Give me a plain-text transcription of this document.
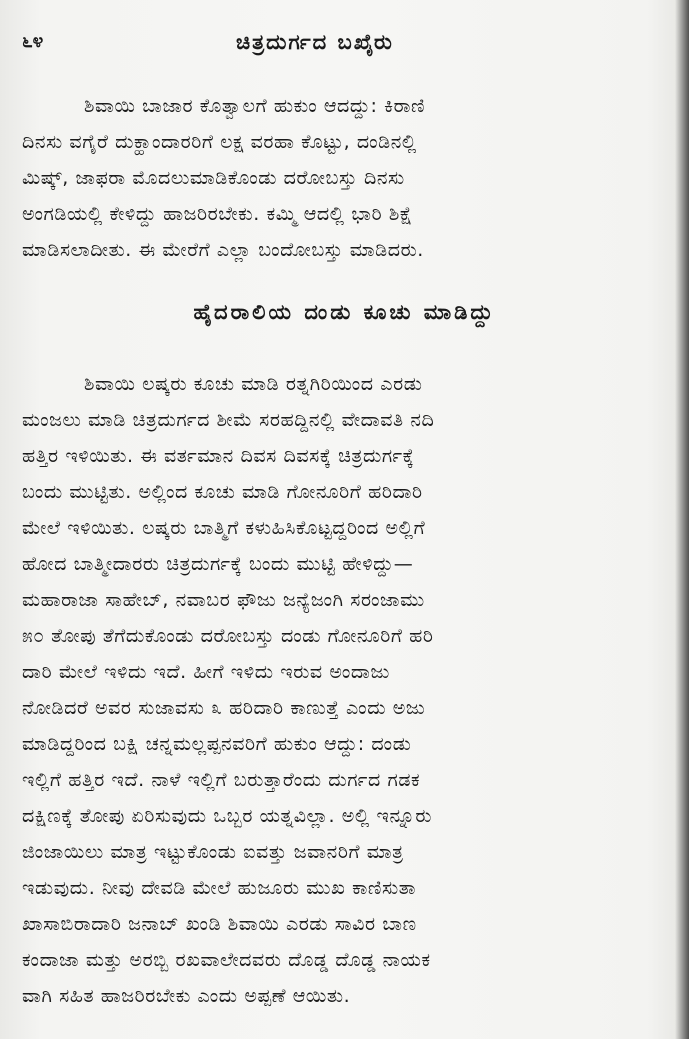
೬೪	ಚಿತ್ರದುರ್ಗದ ಬಖೈರು
ಶಿವಾಯಿ ಬಾಜಾರ ಕೊತ್ವಾಲಗೆ ಹುಕುಂ ಆದದ್ದು: ಕಿರಾಣಿ
ದಿನಸು ವಗೈರೆ ದುಕ್ಹಾಂದಾರರಿಗೆ ಲಕ್ಷ ವರಹಾ ಕೊಟ್ಟು, ದಂಡಿನಲ್ಲಿ
ಮಿಷ್ಕ್, ಜಾಫರಾ ಮೊದಲುಮಾಡಿಕೊಂಡು ದರೋಬಸ್ತು ದಿನಸು
ಅಂಗಡಿಯಲ್ಲಿ ಕೇಳಿದ್ದು ಹಾಜರಿರಬೇಕು. ಕಮ್ಮಿ ಆದಲ್ಲಿ ಭಾರಿ ಶಿಕ್ಷೆ
ಮಾಡಿಸಲಾದೀತು. ಈ ಮೇರೆಗೆ ಎಲ್ಲಾ ಬಂದೋಬಸ್ತು ಮಾಡಿದರು.
ಹೈದರಾಲಿಯ ದಂಡು ಕೂಚು ಮಾಡಿದ್ದು
ಶಿವಾಯಿ ಲಷ್ಕರು ಕೂಚು ಮಾಡಿ ರತ್ನಗಿರಿಯಿಂದ ಎರಡು
ಮಂಜಲು ಮಾಡಿ ಚಿತ್ರದುರ್ಗದ ಶೀಮೆ ಸರಹದ್ದಿನಲ್ಲಿ ವೇದಾವತಿ ನದಿ
ಹತ್ತಿರ ಇಳಿಯಿತು. ಈ ವರ್ತಮಾನ ದಿವಸ ದಿವಸಕ್ಕೆ ಚಿತ್ರದುರ್ಗಕ್ಕೆ
ಬಂದು ಮುಟ್ಟಿತು. ಅಲ್ಲಿಂದ ಕೂಚು ಮಾಡಿ ಗೋನೂರಿಗೆ ಹರಿದಾರಿ
ಮೇಲೆ ಇಳಿಯಿತು. ಲಷ್ಕರು ಬಾತ್ಮಿಗೆ ಕಳುಹಿಸಿಕೊಟ್ಟದ್ದರಿಂದ ಅಲ್ಲಿಗೆ
ಹೋದ ಬಾತ್ಮೀದಾರರು ಚಿತ್ರದುರ್ಗಕ್ಕೆ ಬಂದು ಮುಟ್ಟಿ ಹೇಳಿದ್ದು—
ಮಹಾರಾಜಾ ಸಾಹೇಬ್, ನವಾಬರ ಫೌಜು ಜನ್ಯೆಜಂಗಿ ಸರಂಜಾಮು
೫೦ ತೋಪು ತೆಗೆದುಕೊಂಡು ದರೋಬಸ್ತು ದಂಡು ಗೋನೂರಿಗೆ ಹರಿ
ದಾರಿ ಮೇಲೆ ಇಳಿದು ಇದೆ. ಹೀಗೆ ಇಳಿದು ಇರುವ ಅಂದಾಜು
ನೋಡಿದರೆ ಅವರ ಸುಜಾವಸು ೩ ಹರಿದಾರಿ ಕಾಣುತ್ತೆ ಎಂದು ಅಜು
ಮಾಡಿದ್ದರಿಂದ ಬಕ್ಷಿ ಚನ್ನಮಲ್ಲಪ್ಪನವರಿಗೆ ಹುಕುಂ ಆದ್ದು: ದಂಡು
ಇಲ್ಲಿಗೆ ಹತ್ತಿರ ಇದೆ. ನಾಳೆ ಇಲ್ಲಿಗೆ ಬರುತ್ತಾರೆಂದು ದುರ್ಗದ ಗಡಕ
ದಕ್ಷಿಣಕ್ಕೆ ತೋಪು ಏರಿಸುವುದು ಒಬ್ಬರ ಯತ್ನವಿಲ್ಲಾ. ಅಲ್ಲಿ ಇನ್ನೂರು
ಜಿಂಜಾಯಿಲು ಮಾತ್ರ ಇಟ್ಟುಕೊಂಡು ಐವತ್ತು ಜವಾನರಿಗೆ ಮಾತ್ರ
ಇಡುವುದು. ನೀವು ದೇವಡಿ ಮೇಲೆ ಹುಜೂರು ಮುಖ ಕಾಣಿಸುತಾ
ಖಾಸಾಬಿರಾದಾರಿ ಜನಾಬ್ ಖಂಡಿ ಶಿವಾಯಿ ಎರಡು ಸಾವಿರ ಬಾಣ
ಕಂದಾಜಾ ಮತ್ತು ಅರಬ್ಬಿ ರಖವಾಲೇದವರು ದೊಡ್ಡ ದೊಡ್ಡ ನಾಯಕ
ವಾಗಿ ಸಹಿತ ಹಾಜರಿರಬೇಕು ಎಂದು ಅಪ್ಪಣೆ ಆಯಿತು.
